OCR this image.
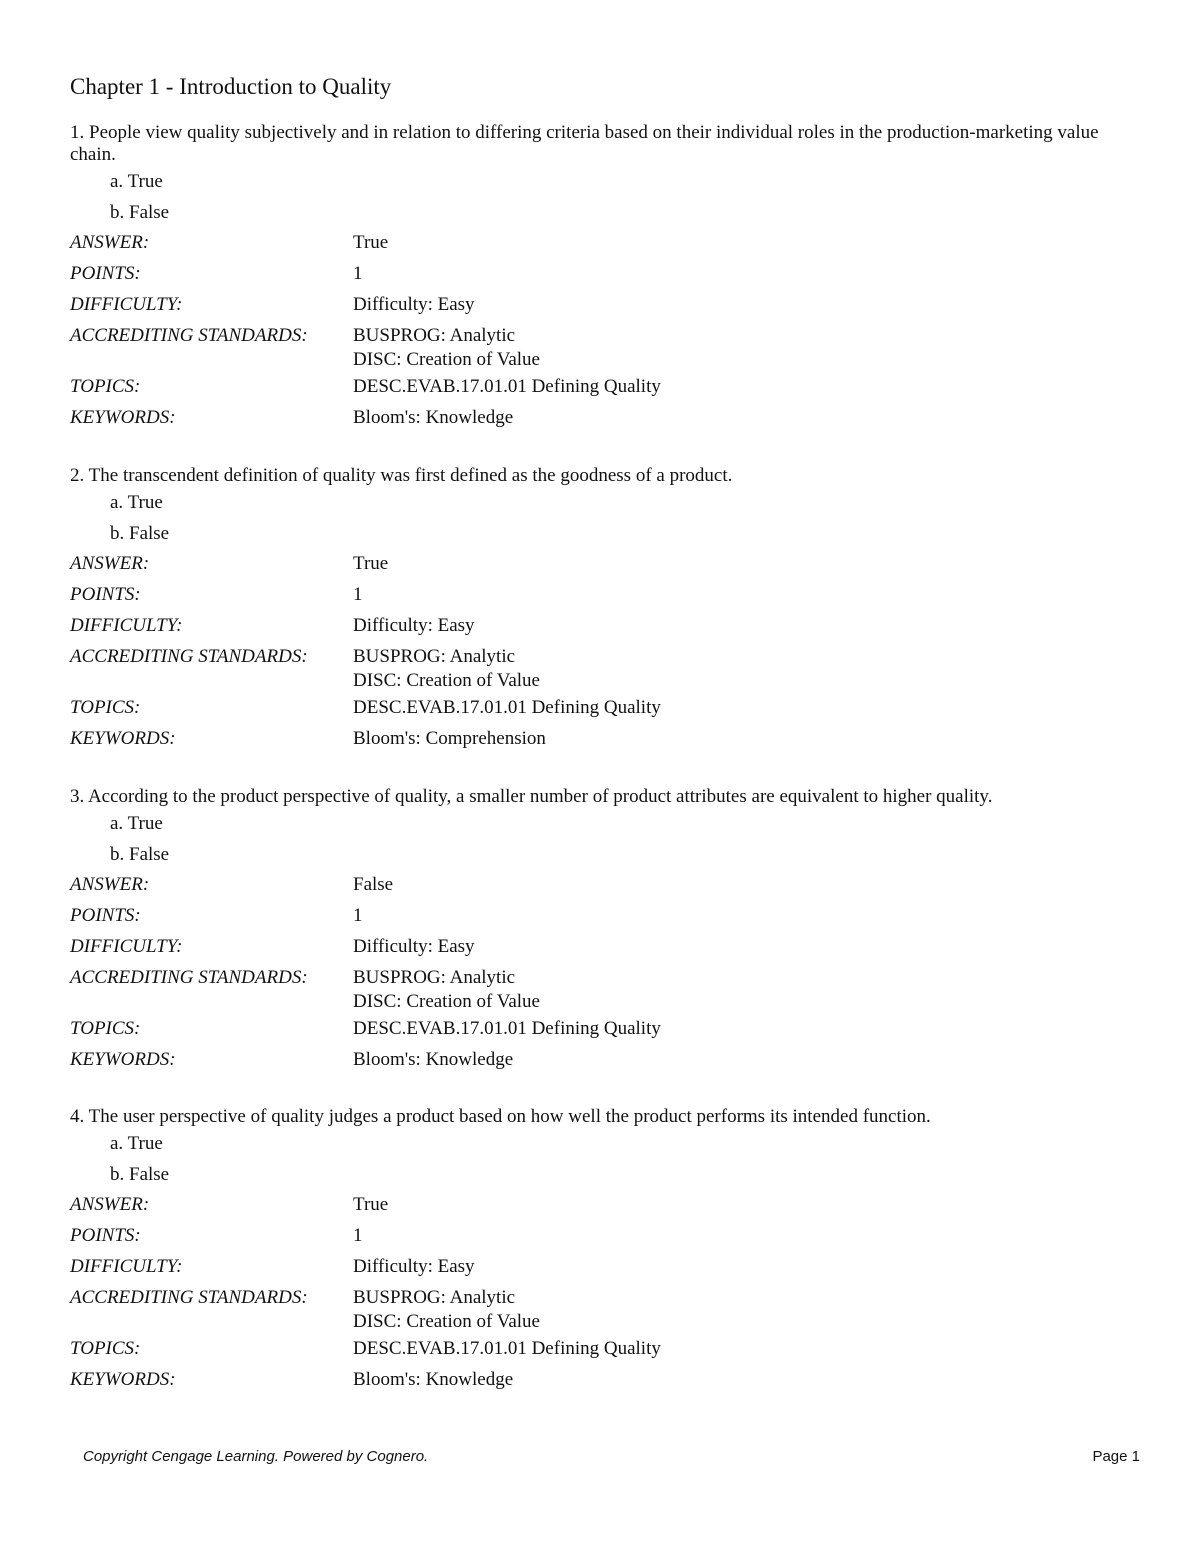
Chapter 1 - Introduction to Quality
1. People view quality subjectively and in relation to differing criteria based on their individual roles in the production-marketing value chain.
a. True
b. False
ANSWER:	True
POINTS:	1
DIFFICULTY:	Difficulty: Easy
ACCREDITING STANDARDS:	BUSPROG: Analytic
DISC: Creation of Value
TOPICS:	DESC.EVAB.17.01.01 Defining Quality
KEYWORDS:	Bloom's: Knowledge
2. The transcendent definition of quality was first defined as the goodness of a product.
a. True
b. False
ANSWER:	True
POINTS:	1
DIFFICULTY:	Difficulty: Easy
ACCREDITING STANDARDS:	BUSPROG: Analytic
DISC: Creation of Value
TOPICS:	DESC.EVAB.17.01.01 Defining Quality
KEYWORDS:	Bloom's: Comprehension
3. According to the product perspective of quality, a smaller number of product attributes are equivalent to higher quality.
a. True
b. False
ANSWER:	False
POINTS:	1
DIFFICULTY:	Difficulty: Easy
ACCREDITING STANDARDS:	BUSPROG: Analytic
DISC: Creation of Value
TOPICS:	DESC.EVAB.17.01.01 Defining Quality
KEYWORDS:	Bloom's: Knowledge
4. The user perspective of quality judges a product based on how well the product performs its intended function.
a. True
b. False
ANSWER:	True
POINTS:	1
DIFFICULTY:	Difficulty: Easy
ACCREDITING STANDARDS:	BUSPROG: Analytic
DISC: Creation of Value
TOPICS:	DESC.EVAB.17.01.01 Defining Quality
KEYWORDS:	Bloom's: Knowledge
Copyright Cengage Learning. Powered by Cognero.	Page 1
